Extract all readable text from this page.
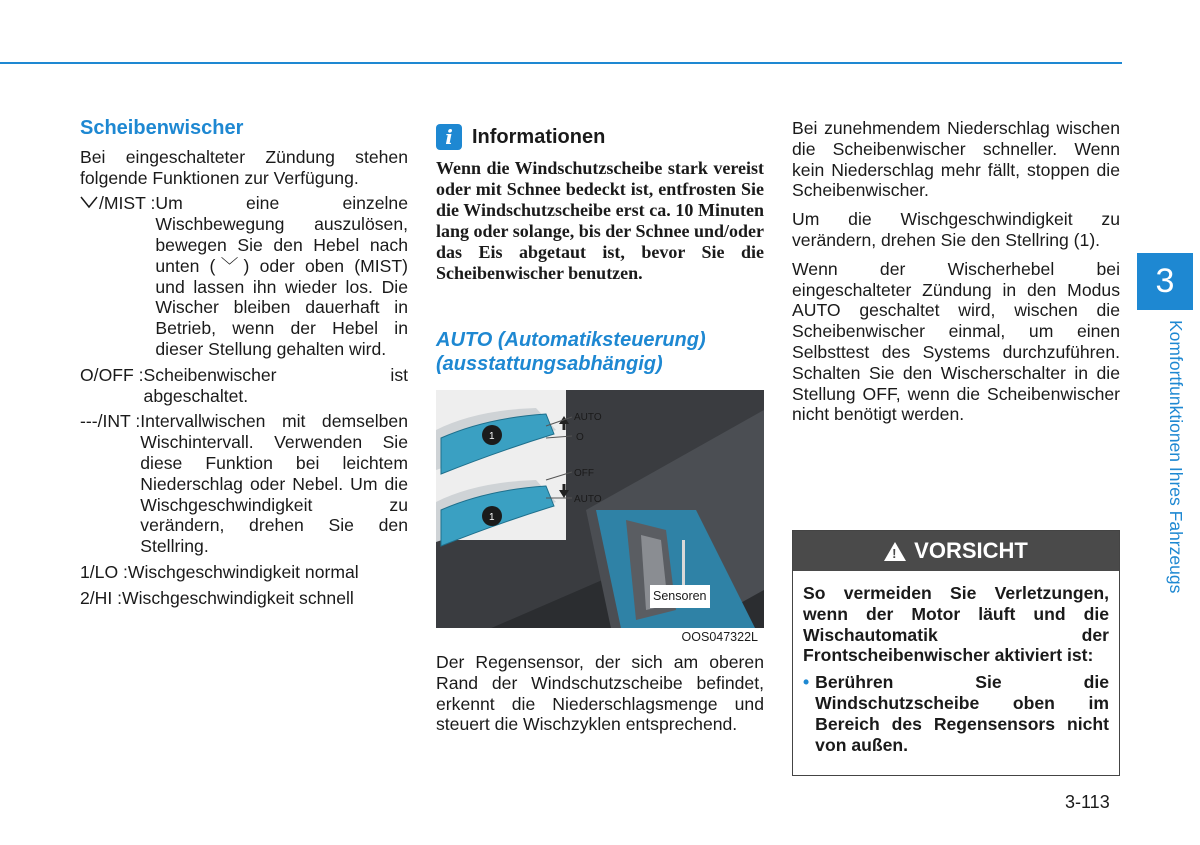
Scheibenwischer

Bei eingeschalteter Zündung stehen folgende Funktionen zur Verfügung.

/MIST : Um eine einzelne Wischbewegung auszulösen, bewegen Sie den Hebel nach unten (﹀) oder oben (MIST) und lassen ihn wieder los. Die Wischer bleiben dauerhaft in Betrieb, wenn der Hebel in dieser Stellung gehalten wird.
O/OFF : Scheibenwischer ist abgeschaltet.
---/INT : Intervallwischen mit demselben Wischintervall. Verwenden Sie diese Funktion bei leichtem Niederschlag oder Nebel. Um die Wischgeschwindigkeit zu verändern, drehen Sie den Stellring.
1/LO : Wischgeschwindigkeit normal
2/HI : Wischgeschwindigkeit schnell
i Informationen

Wenn die Windschutzscheibe stark vereist oder mit Schnee bedeckt ist, entfrosten Sie die Windschutzscheibe erst ca. 10 Minuten lang oder solange, bis der Schnee und/oder das Eis abgetaut ist, bevor Sie die Scheibenwischer benutzen.

AUTO (Automatiksteuerung) (ausstattungsabhängig)
AUTO
O
OFF
AUTO
1
1
Sensoren
OOS047322L

Der Regensensor, der sich am oberen Rand der Windschutzscheibe befindet, erkennt die Niederschlagsmenge und steuert die Wischzyklen entsprechend.

Bei zunehmendem Niederschlag wischen die Scheibenwischer schneller. Wenn kein Niederschlag mehr fällt, stoppen die Scheibenwischer.

Um die Wischgeschwindigkeit zu verändern, drehen Sie den Stellring (1).

Wenn der Wischerhebel bei eingeschalteter Zündung in den Modus AUTO geschaltet wird, wischen die Scheibenwischer einmal, um einen Selbsttest des Systems durchzuführen. Schalten Sie den Wischerschalter in die Stellung OFF, wenn die Scheibenwischer nicht benötigt werden.

! VORSICHT

So vermeiden Sie Verletzungen, wenn der Motor läuft und die Wischautomatik der Frontscheibenwischer aktiviert ist:

• Berühren Sie die Windschutzscheibe oben im Bereich des Regensensors nicht von außen.
3
Komfortfunktionen Ihres Fahrzeugs
3-113
